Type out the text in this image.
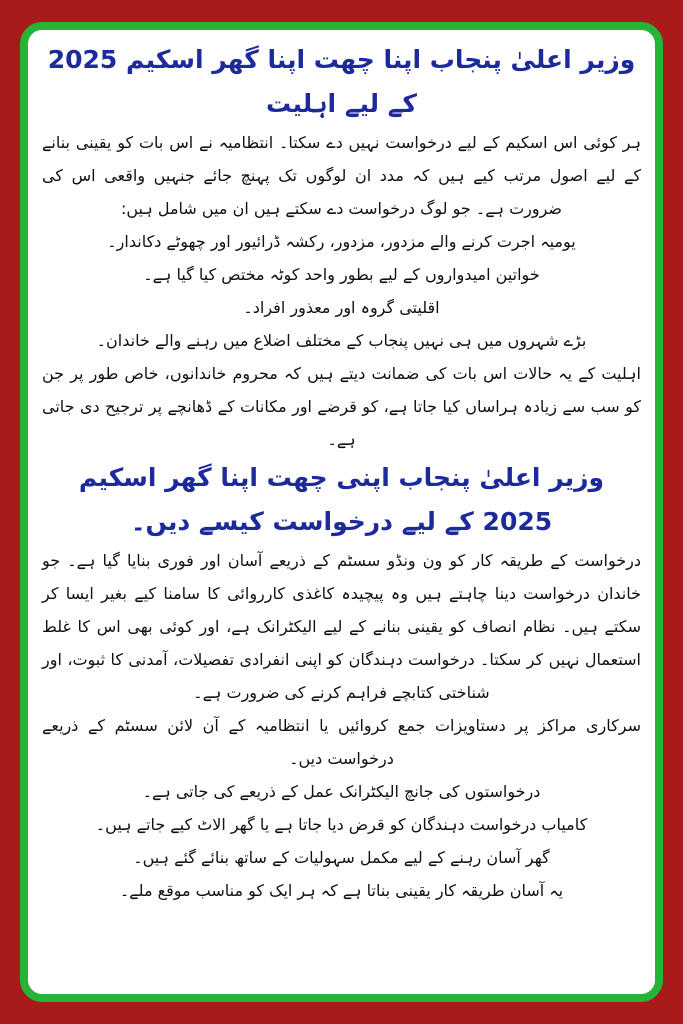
وزیر اعلیٰ پنجاب اپنا چھت اپنا گھر اسکیم 2025 کے لیے اہلیت

ہر کوئی اس اسکیم کے لیے درخواست نہیں دے سکتا۔ انتظامیہ نے اس بات کو یقینی بنانے کے لیے اصول مرتب کیے ہیں کہ مدد ان لوگوں تک پہنچ جائے جنہیں واقعی اس کی ضرورت ہے۔ جو لوگ درخواست دے سکتے ہیں ان میں شامل ہیں:

یومیہ اجرت کرنے والے مزدور، مزدور، رکشہ ڈرائیور اور چھوٹے دکاندار۔

خواتین امیدواروں کے لیے بطور واحد کوٹہ مختص کیا گیا ہے۔

اقلیتی گروہ اور معذور افراد۔

بڑے شہروں میں ہی نہیں پنجاب کے مختلف اضلاع میں رہنے والے خاندان۔

اہلیت کے یہ حالات اس بات کی ضمانت دیتے ہیں کہ محروم خاندانوں، خاص طور پر جن کو سب سے زیادہ ہراساں کیا جاتا ہے، کو قرضے اور مکانات کے ڈھانچے پر ترجیح دی جاتی ہے۔

وزیر اعلیٰ پنجاب اپنی چھت اپنا گھر اسکیم 2025 کے لیے درخواست کیسے دیں۔

درخواست کے طریقہ کار کو ون ونڈو سسٹم کے ذریعے آسان اور فوری بنایا گیا ہے۔ جو خاندان درخواست دینا چاہتے ہیں وہ پیچیدہ کاغذی کارروائی کا سامنا کیے بغیر ایسا کر سکتے ہیں۔ نظام انصاف کو یقینی بنانے کے لیے الیکٹرانک ہے، اور کوئی بھی اس کا غلط استعمال نہیں کر سکتا۔ درخواست دہندگان کو اپنی انفرادی تفصیلات، آمدنی کا ثبوت، اور شناختی کتابچے فراہم کرنے کی ضرورت ہے۔

سرکاری مراکز پر دستاویزات جمع کروائیں یا انتظامیہ کے آن لائن سسٹم کے ذریعے درخواست دیں۔

درخواستوں کی جانچ الیکٹرانک عمل کے ذریعے کی جاتی ہے۔

کامیاب درخواست دہندگان کو قرض دیا جاتا ہے یا گھر الاٹ کیے جاتے ہیں۔

گھر آسان رہنے کے لیے مکمل سہولیات کے ساتھ بنائے گئے ہیں۔

یہ آسان طریقہ کار یقینی بناتا ہے کہ ہر ایک کو مناسب موقع ملے۔
